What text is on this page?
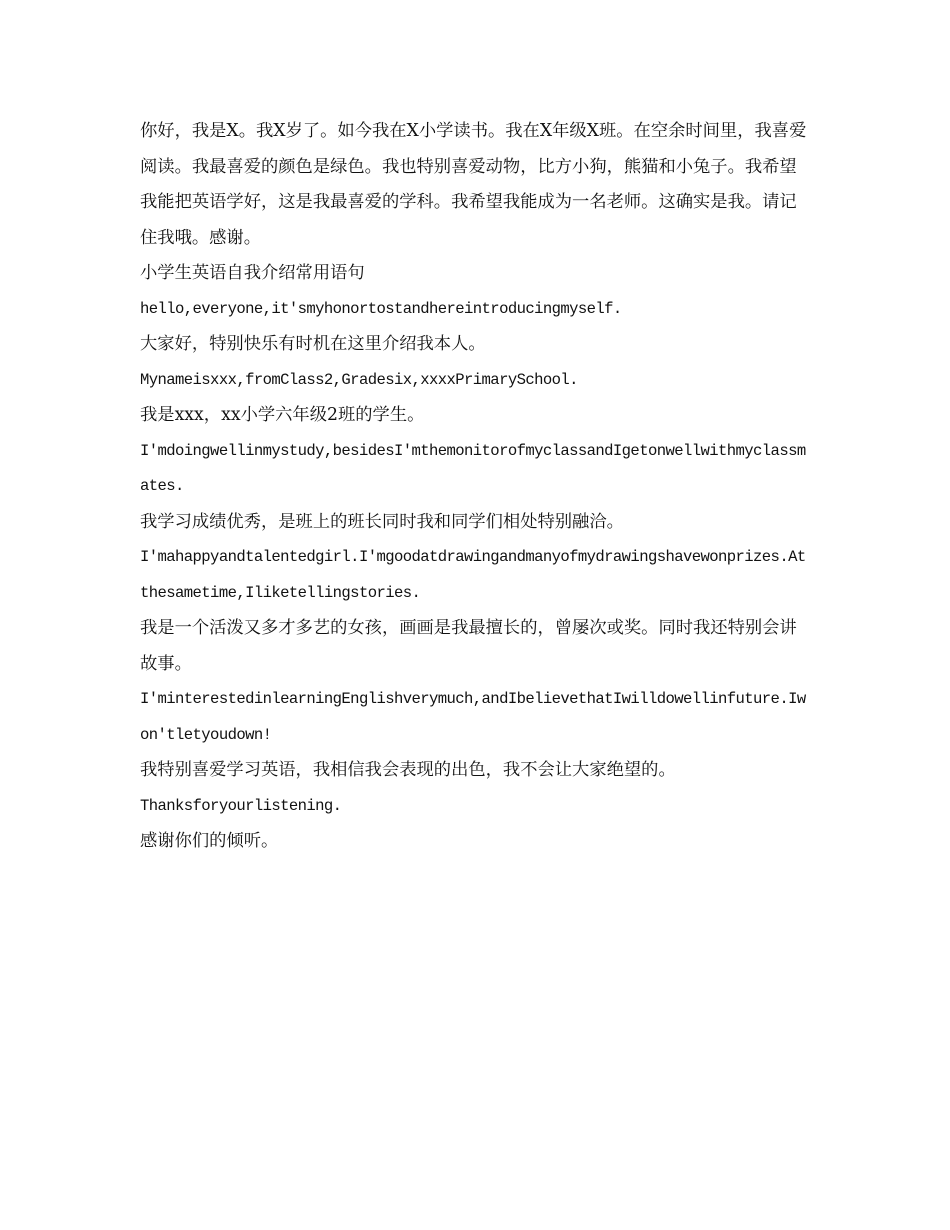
你好，我是X。我X岁了。如今我在X小学读书。我在X年级X班。在空余时间里，我喜爱阅读。我最喜爱的颜色是绿色。我也特别喜爱动物，比方小狗，熊猫和小兔子。我希望我能把英语学好，这是我最喜爱的学科。我希望我能成为一名老师。这确实是我。请记住我哦。感谢。

小学生英语自我介绍常用语句

hello,everyone,it'smyhonortostandhereintroducingmyself.

大家好，特别快乐有时机在这里介绍我本人。

Mynameisxxx,fromClass2,Gradesix,xxxxPrimarySchool.

我是xxx，xx小学六年级2班的学生。

I'mdoingwellinmystudy,besidesI'mthemonitorofmyclassandIgetonwellwithmyclassmates.

我学习成绩优秀，是班上的班长同时我和同学们相处特别融洽。

I'mahappyandtalentedgirl.I'mgoodatdrawingandmanyofmydrawingshavewonprizes.Atthesametime,Iliketellingstories.

我是一个活泼又多才多艺的女孩，画画是我最擅长的，曾屡次或奖。同时我还特别会讲故事。

I'minterestedinlearningEnglishverymuch,andIbelievethatIwilldowellinfuture.Iwon'tletyoudown!

我特别喜爱学习英语，我相信我会表现的出色，我不会让大家绝望的。

Thanksforyourlistening.

感谢你们的倾听。
